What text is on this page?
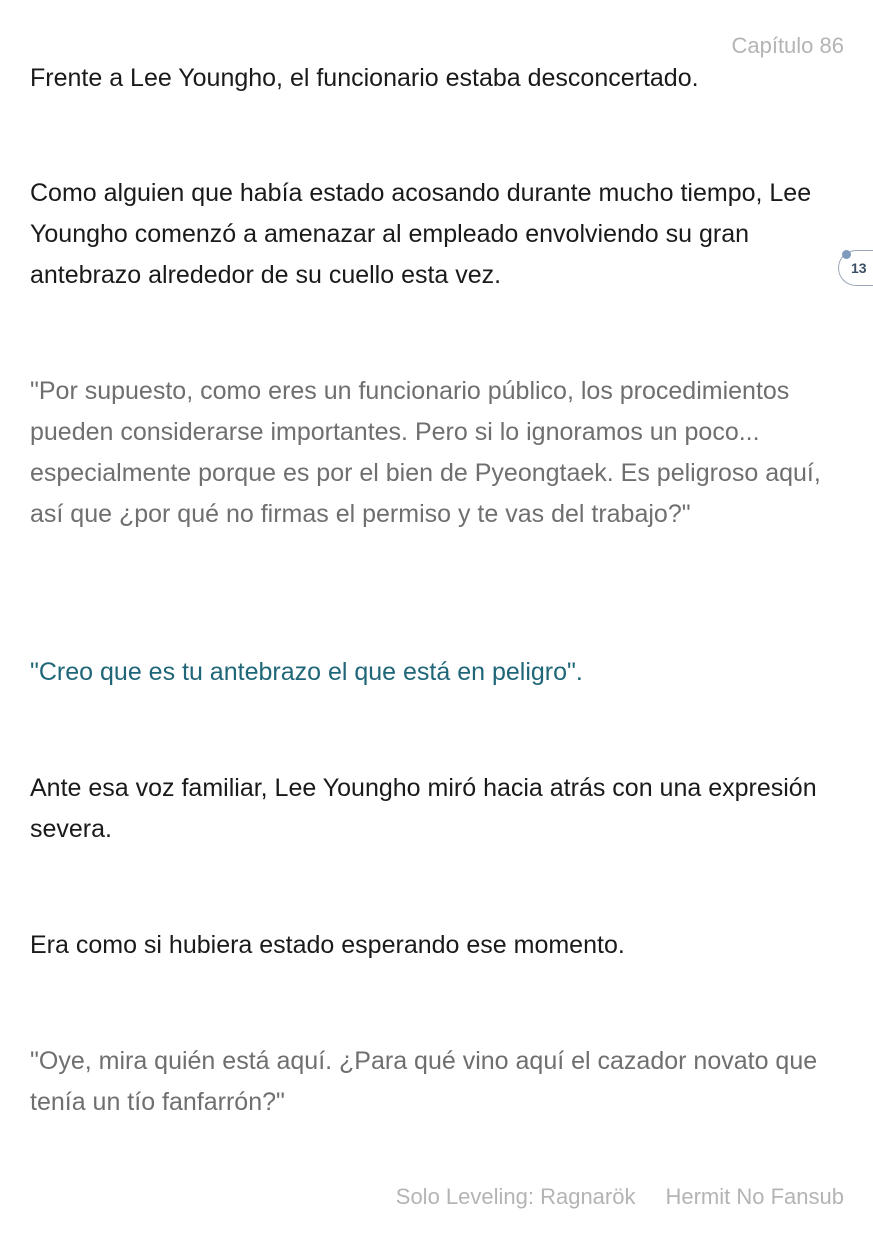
Capítulo 86

Frente a Lee Youngho, el funcionario estaba desconcertado.

Como alguien que había estado acosando durante mucho tiempo, Lee Youngho comenzó a amenazar al empleado envolviendo su gran antebrazo alrededor de su cuello esta vez.

"Por supuesto, como eres un funcionario público, los procedimientos pueden considerarse importantes. Pero si lo ignoramos un poco... especialmente porque es por el bien de Pyeongtaek. Es peligroso aquí, así que ¿por qué no firmas el permiso y te vas del trabajo?"

"Creo que es tu antebrazo el que está en peligro".

Ante esa voz familiar, Lee Youngho miró hacia atrás con una expresión severa.

Era como si hubiera estado esperando ese momento.

"Oye, mira quién está aquí. ¿Para qué vino aquí el cazador novato que tenía un tío fanfarrón?"

13
Solo Leveling: Ragnarök Hermit No Fansub
